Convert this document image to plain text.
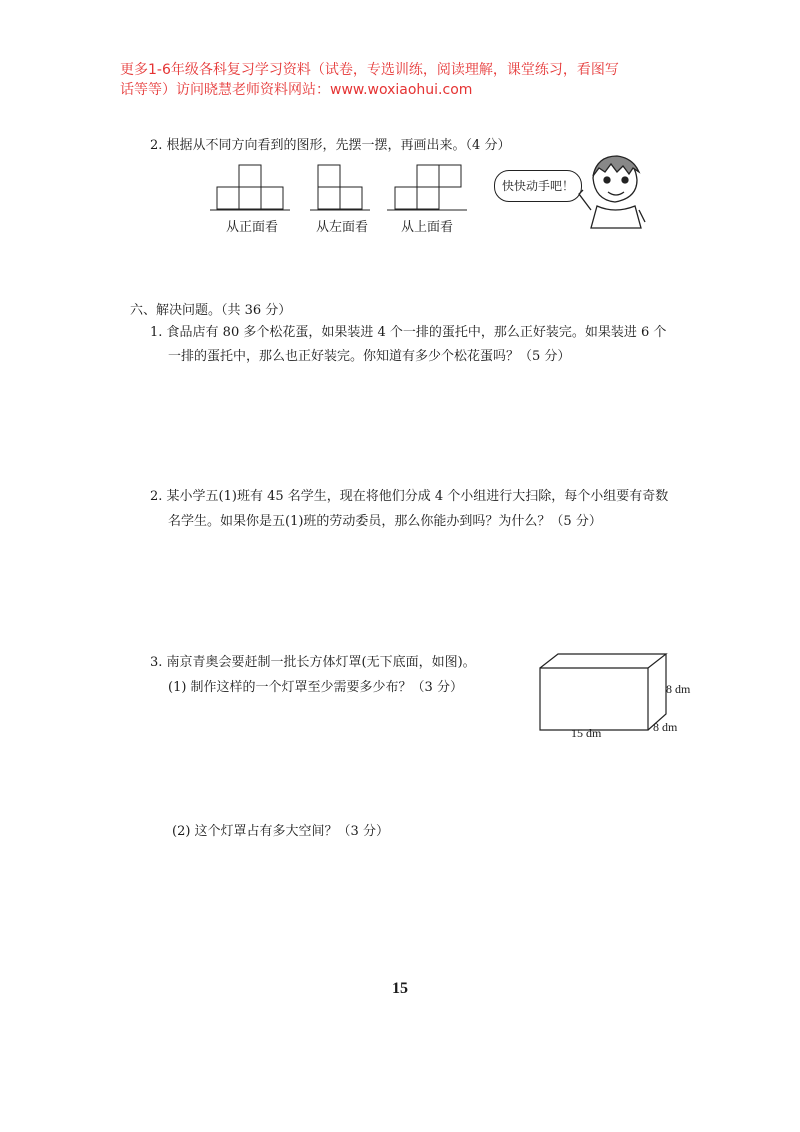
更多1-6年级各科复习学习资料（试卷，专选训练，阅读理解，课堂练习，看图写
话等等）访问晓慧老师资料网站：www.woxiaohui.com
2. 根据从不同方向看到的图形，先摆一摆，再画出来。（4 分）
从正面看	从左面看	从上面看
快快动手吧！
六、解决问题。（共 36 分）
1. 食品店有 80 多个松花蛋，如果装进 4 个一排的蛋托中，那么正好装完。如果装进 6 个
一排的蛋托中，那么也正好装完。你知道有多少个松花蛋吗？（5 分）
2. 某小学五(1)班有 45 名学生，现在将他们分成 4 个小组进行大扫除，每个小组要有奇数
名学生。如果你是五(1)班的劳动委员，那么你能办到吗？为什么？（5 分）
3. 南京青奥会要赶制一批长方体灯罩(无下底面，如图)。
(1) 制作这样的一个灯罩至少需要多少布？（3 分）	8 dm
15 dm	8 dm
(2) 这个灯罩占有多大空间？（3 分）
15
